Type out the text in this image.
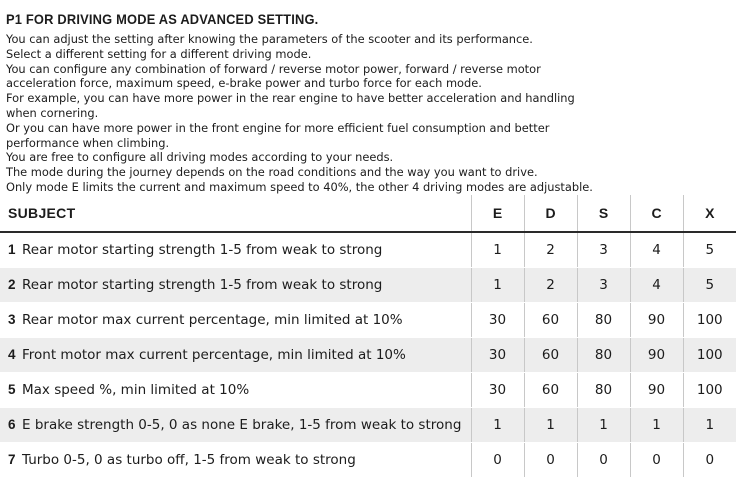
P1 FOR DRIVING MODE AS ADVANCED SETTING.
You can adjust the setting after knowing the parameters of the scooter and its performance.
Select a different setting for a different driving mode.
You can configure any combination of forward / reverse motor power, forward / reverse motor
acceleration force, maximum speed, e-brake power and turbo force for each mode.
For example, you can have more power in the rear engine to have better acceleration and handling
when cornering.
Or you can have more power in the front engine for more efficient fuel consumption and better
performance when climbing.
You are free to configure all driving modes according to your needs.
The mode during the journey depends on the road conditions and the way you want to drive.
Only mode E limits the current and maximum speed to 40%, the other 4 driving modes are adjustable.
SUBJECT	E	D	S	C	X
1 Rear motor starting strength 1-5 from weak to strong	1	2	3	4	5
2 Rear motor starting strength 1-5 from weak to strong	1	2	3	4	5
3 Rear motor max current percentage, min limited at 10%	30	60	80	90	100
4 Front motor max current percentage, min limited at 10%	30	60	80	90	100
5 Max speed %, min limited at 10%	30	60	80	90	100
6 E brake strength 0-5, 0 as none E brake, 1-5 from weak to strong	1	1	1	1	1
7 Turbo 0-5, 0 as turbo off, 1-5 from weak to strong	0	0	0	0	0
